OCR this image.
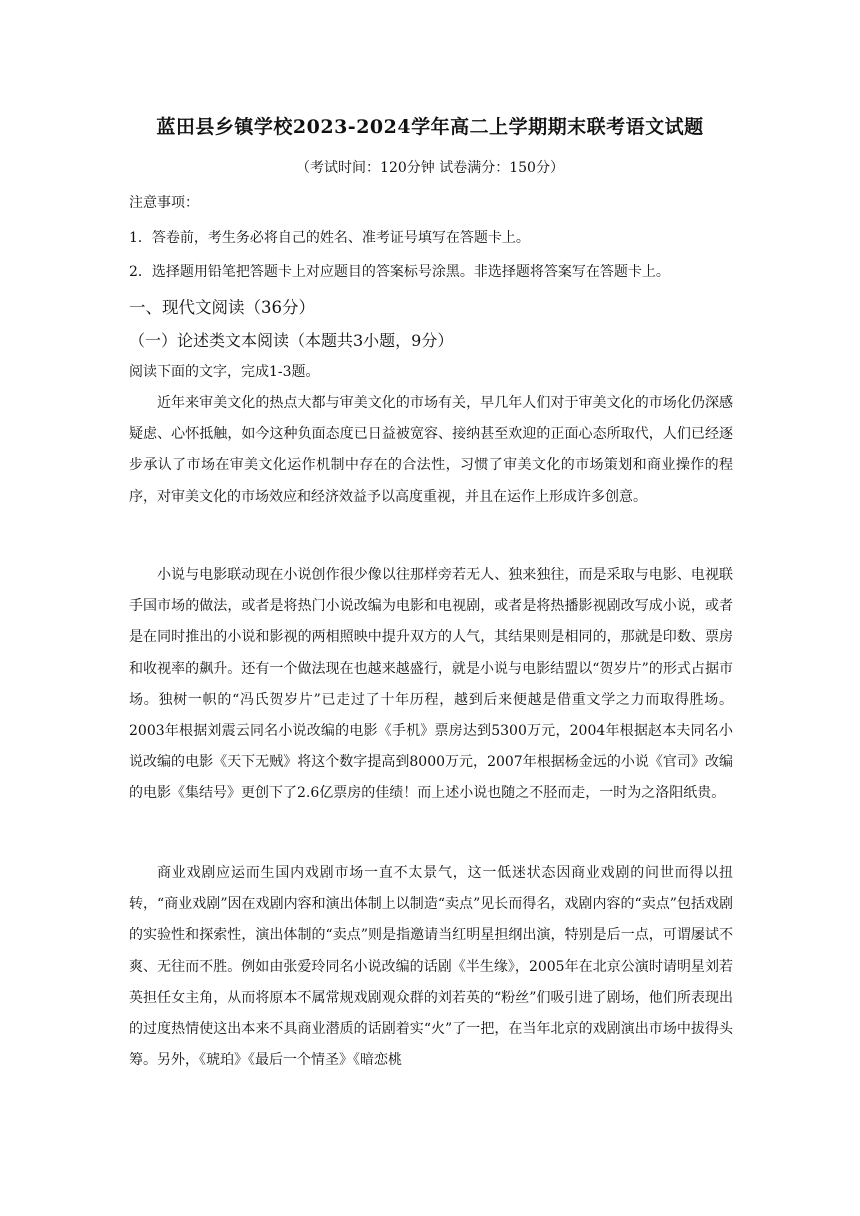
蓝田县乡镇学校2023-2024学年高二上学期期末联考语文试题
（考试时间：120分钟 试卷满分：150分）
注意事项：
1．答卷前，考生务必将自己的姓名、准考证号填写在答题卡上。
2．选择题用铅笔把答题卡上对应题目的答案标号涂黑。非选择题将答案写在答题卡上。
一、现代文阅读（36分）
（一）论述类文本阅读（本题共3小题，9分）
阅读下面的文字，完成1-3题。
近年来审美文化的热点大都与审美文化的市场有关，早几年人们对于审美文化的市场化仍深感疑虑、心怀抵触，如今这种负面态度已日益被宽容、接纳甚至欢迎的正面心态所取代，人们已经逐步承认了市场在审美文化运作机制中存在的合法性，习惯了审美文化的市场策划和商业操作的程序，对审美文化的市场效应和经济效益予以高度重视，并且在运作上形成许多创意。
小说与电影联动现在小说创作很少像以往那样旁若无人、独来独往，而是采取与电影、电视联手国市场的做法，或者是将热门小说改编为电影和电视剧，或者是将热播影视剧改写成小说，或者是在同时推出的小说和影视的两相照映中提升双方的人气，其结果则是相同的，那就是印数、票房和收视率的飙升。还有一个做法现在也越来越盛行，就是小说与电影结盟以“贺岁片”的形式占据市场。独树一帜的“冯氏贺岁片”已走过了十年历程，越到后来便越是借重文学之力而取得胜场。2003年根据刘震云同名小说改编的电影《手机》票房达到5300万元，2004年根据赵本夫同名小说改编的电影《天下无贼》将这个数字提高到8000万元，2007年根据杨金远的小说《官司》改编的电影《集结号》更创下了2.6亿票房的佳绩！而上述小说也随之不胫而走，一时为之洛阳纸贵。
商业戏剧应运而生国内戏剧市场一直不太景气，这一低迷状态因商业戏剧的问世而得以扭转，“商业戏剧”因在戏剧内容和演出体制上以制造“卖点”见长而得名，戏剧内容的“卖点”包括戏剧的实验性和探索性，演出体制的“卖点”则是指邀请当红明星担纲出演，特别是后一点，可谓屡试不爽、无往而不胜。例如由张爱玲同名小说改编的话剧《半生缘》，2005年在北京公演时请明星刘若英担任女主角，从而将原本不属常规戏剧观众群的刘若英的“粉丝”们吸引进了剧场，他们所表现出的过度热情使这出本来不具商业潜质的话剧着实“火”了一把，在当年北京的戏剧演出市场中拔得头筹。另外，《琥珀》《最后一个情圣》《暗恋桃
